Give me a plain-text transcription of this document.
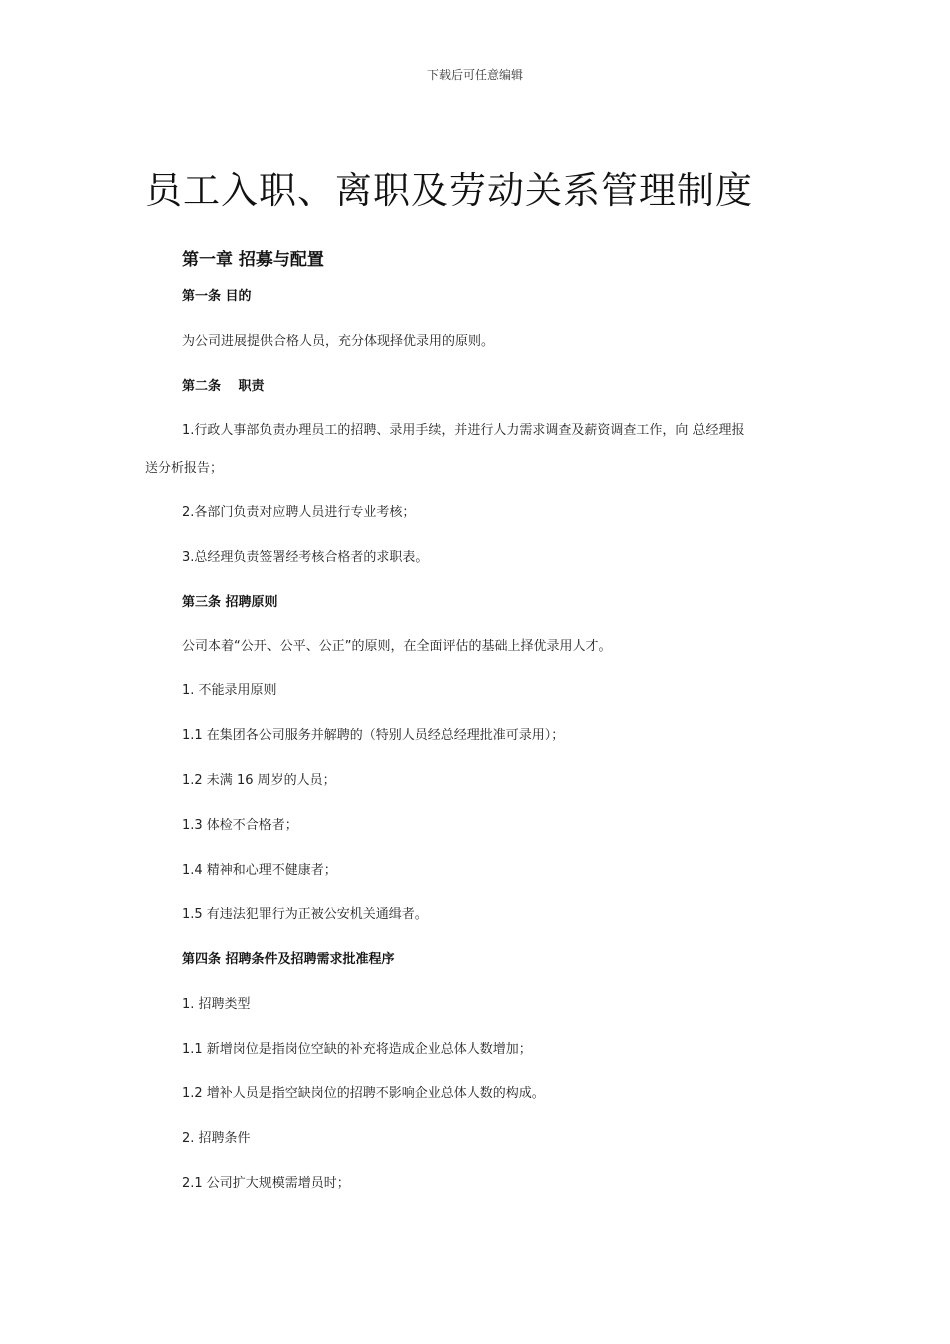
下载后可任意编辑
员工入职、离职及劳动关系管理制度
第一章 招募与配置
第一条 目的
为公司进展提供合格人员，充分体现择优录用的原则。
第二条　 职责
1.行政人事部负责办理员工的招聘、录用手续，并进行人力需求调查及薪资调查工作，向 总经理报
送分析报告；
2.各部门负责对应聘人员进行专业考核；
3.总经理负责签署经考核合格者的求职表。
第三条 招聘原则
公司本着“公开、公平、公正”的原则，在全面评估的基础上择优录用人才。
1. 不能录用原则
1.1 在集团各公司服务并解聘的（特别人员经总经理批准可录用）；
1.2 未满 16 周岁的人员；
1.3 体检不合格者；
1.4 精神和心理不健康者；
1.5 有违法犯罪行为正被公安机关通缉者。
第四条 招聘条件及招聘需求批准程序
1. 招聘类型
1.1 新增岗位是指岗位空缺的补充将造成企业总体人数增加；
1.2 增补人员是指空缺岗位的招聘不影响企业总体人数的构成。
2. 招聘条件
2.1 公司扩大规模需增员时；
